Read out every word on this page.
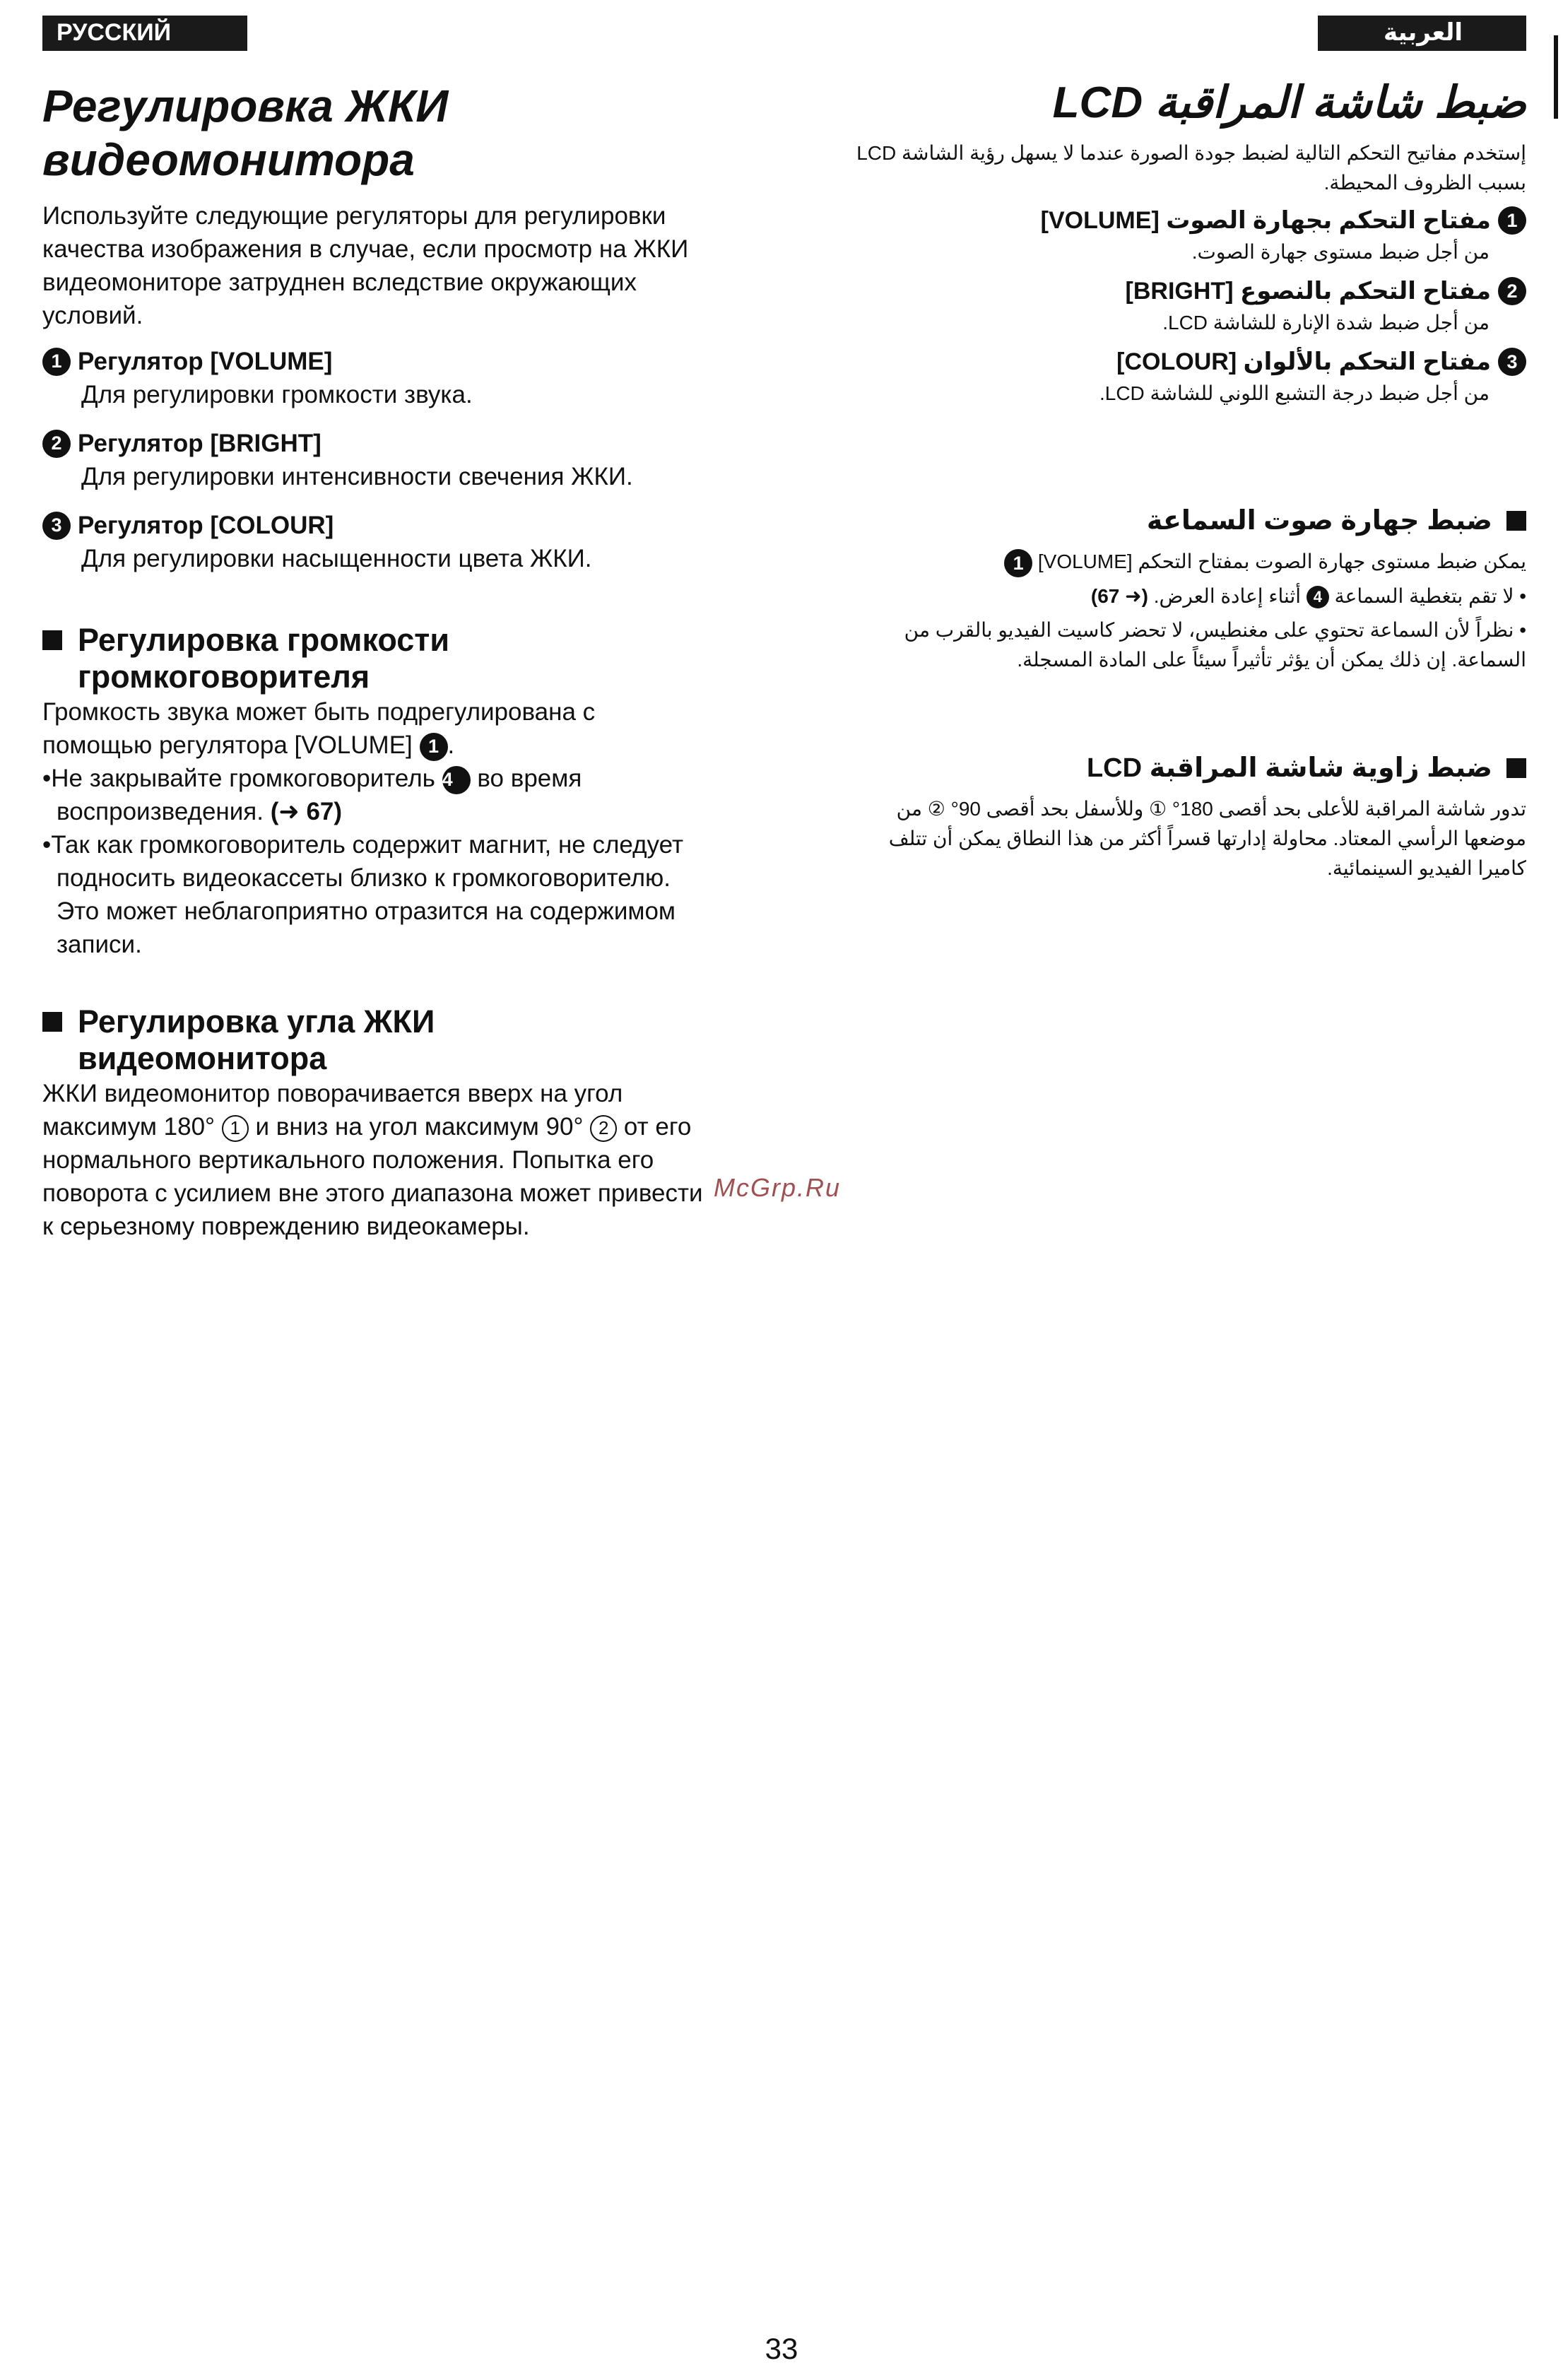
РУССКИЙ ЯЗЫК
العربية
Регулировка ЖКИ видеомонитора

Используйте следующие регуляторы для регулировки качества изображения в случае, если просмотр на ЖКИ видеомониторе затруднен вследствие окружающих условий.

1 Регулятор [VOLUME]
Для регулировки громкости звука.
2 Регулятор [BRIGHT]
Для регулировки интенсивности свечения ЖКИ.
3 Регулятор [COLOUR]
Для регулировки насыщенности цвета ЖКИ.
Регулировка громкости громкоговорителя

Громкость звука может быть подрегулирована с помощью регулятора [VOLUME] 1 .

•Не закрывайте громкоговоритель 4 во время воспроизведения. (➜ 67)

•Так как громкоговоритель содержит магнит, не следует подносить видеокассеты близко к громкоговорителю. Это может неблагоприятно отразится на содержимом записи.

Регулировка угла ЖКИ видеомонитора

ЖКИ видеомонитор поворачивается вверх на угол максимум 180° 1 и вниз на угол максимум 90° 2 от его нормального вертикального положения. Попытка его поворота с усилием вне этого диапазона может привести к серьезному повреждению видеокамеры.

ضبط شاشة المراقبة LCD
إستخدم مفاتيح التحكم التالية لضبط جودة الصورة عندما لا يسهل رؤية الشاشة LCD بسبب الظروف المحيطة.
1
مفتاح التحكم بجهارة الصوت [VOLUME]
من أجل ضبط مستوى جهارة الصوت.
2
مفتاح التحكم بالنصوع [BRIGHT]
من أجل ضبط شدة الإنارة للشاشة LCD.
3
مفتاح التحكم بالألوان [COLOUR]
من أجل ضبط درجة التشبع اللوني للشاشة LCD.
ضبط جهارة صوت السماعة
يمكن ضبط مستوى جهارة الصوت بمفتاح التحكم [VOLUME] 1
• لا تقم بتغطية السماعة 4 أثناء إعادة العرض. (➜ 67)
• نظراً لأن السماعة تحتوي على مغنطيس، لا تحضر كاسيت الفيديو بالقرب من السماعة. إن ذلك يمكن أن يؤثر تأثيراً سيئاً على المادة المسجلة.
ضبط زاوية شاشة المراقبة LCD
تدور شاشة المراقبة للأعلى بحد أقصى 180° ① وللأسفل بحد أقصى 90° ② من موضعها الرأسي المعتاد. محاولة إدارتها قسراً أكثر من هذا النطاق يمكن أن تتلف كاميرا الفيديو السينمائية.
McGrp.Ru
33
